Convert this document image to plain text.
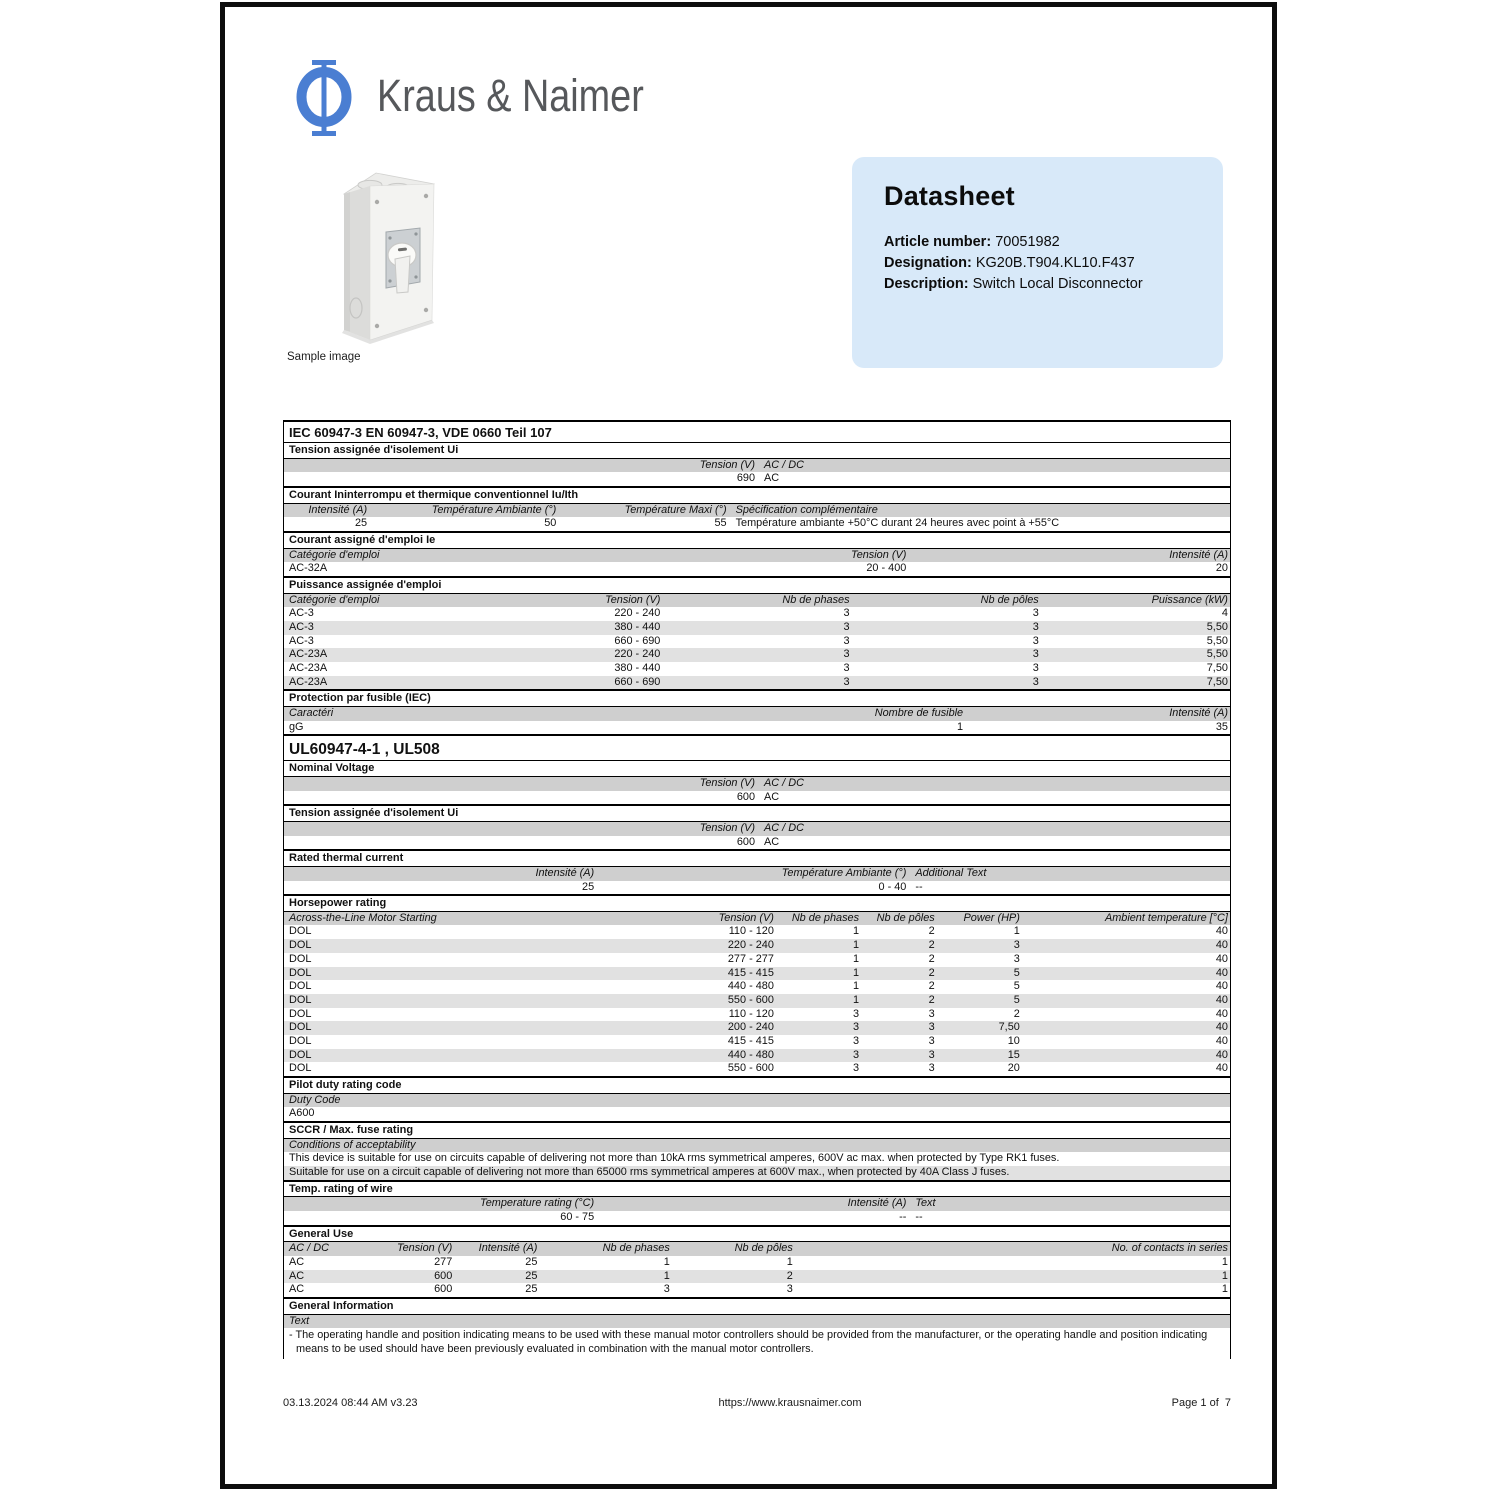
Kraus & Naimer
Sample image
Datasheet
Article number: 70051982
Designation: KG20B.T904.KL10.F437
Description: Switch Local Disconnector
IEC 60947-3 EN 60947-3, VDE 0660 Teil 107
Tension assignée d'isolement Ui
Tension (V) AC / DC
690 AC
Courant Ininterrompu et thermique conventionnel Iu/Ith
Intensité (A)	Température Ambiante (°)	Température Maxi (°) Spécification complémentaire
25	50	55 Température ambiante +50°C durant 24 heures avec point à +55°C
Courant assigné d'emploi Ie
Catégorie d'emploi	Tension (V)	Intensité (A)
AC-32A	20 - 400	20
Puissance assignée d'emploi
Catégorie d'emploi	Tension (V)	Nb de phases	Nb de pôles	Puissance (kW)
AC-3	220 - 240	3	3	4
AC-3	380 - 440	3	3	5,50
AC-3	660 - 690	3	3	5,50
AC-23A	220 - 240	3	3	5,50
AC-23A	380 - 440	3	3	7,50
AC-23A	660 - 690	3	3	7,50
Protection par fusible (IEC)
Caractéri	Nombre de fusible	Intensité (A)
gG	1	35
UL60947-4-1 , UL508
Nominal Voltage
Tension (V) AC / DC
600 AC
Tension assignée d'isolement Ui
Tension (V) AC / DC
600 AC
Rated thermal current
Intensité (A)	Température Ambiante (°) Additional Text
25	0 - 40 --
Horsepower rating
Across-the-Line Motor Starting	Tension (V)	Nb de phases	Nb de pôles	Power (HP)	Ambient temperature [°C]
DOL	110 - 120	1	2	1	40
DOL	220 - 240	1	2	3	40
DOL	277 - 277	1	2	3	40
DOL	415 - 415	1	2	5	40
DOL	440 - 480	1	2	5	40
DOL	550 - 600	1	2	5	40
DOL	110 - 120	3	3	2	40
DOL	200 - 240	3	3	7,50	40
DOL	415 - 415	3	3	10	40
DOL	440 - 480	3	3	15	40
DOL	550 - 600	3	3	20	40
Pilot duty rating code
Duty Code
A600
SCCR / Max. fuse rating
Conditions of acceptability
This device is suitable for use on circuits capable of delivering not more than 10kA rms symmetrical amperes, 600V ac max. when protected by Type RK1 fuses.
Suitable for use on a circuit capable of delivering not more than 65000 rms symmetrical amperes at 600V max., when protected by 40A Class J fuses.
Temp. rating of wire
Temperature rating (°C)	Intensité (A) Text
60 - 75	-- --
General Use
AC / DC	Tension (V)	Intensité (A)	Nb de phases	Nb de pôles	No. of contacts in series
AC	277	25	1	1	1
AC	600	25	1	2	1
AC	600	25	3	3	1
General Information
Text
- The operating handle and position indicating means to be used with these manual motor controllers should be provided from the manufacturer, or the operating handle and position indicating means to be used should have been previously evaluated in combination with the manual motor controllers.
03.13.2024 08:44 AM v3.23	https://www.krausnaimer.com	Page 1 of  7
